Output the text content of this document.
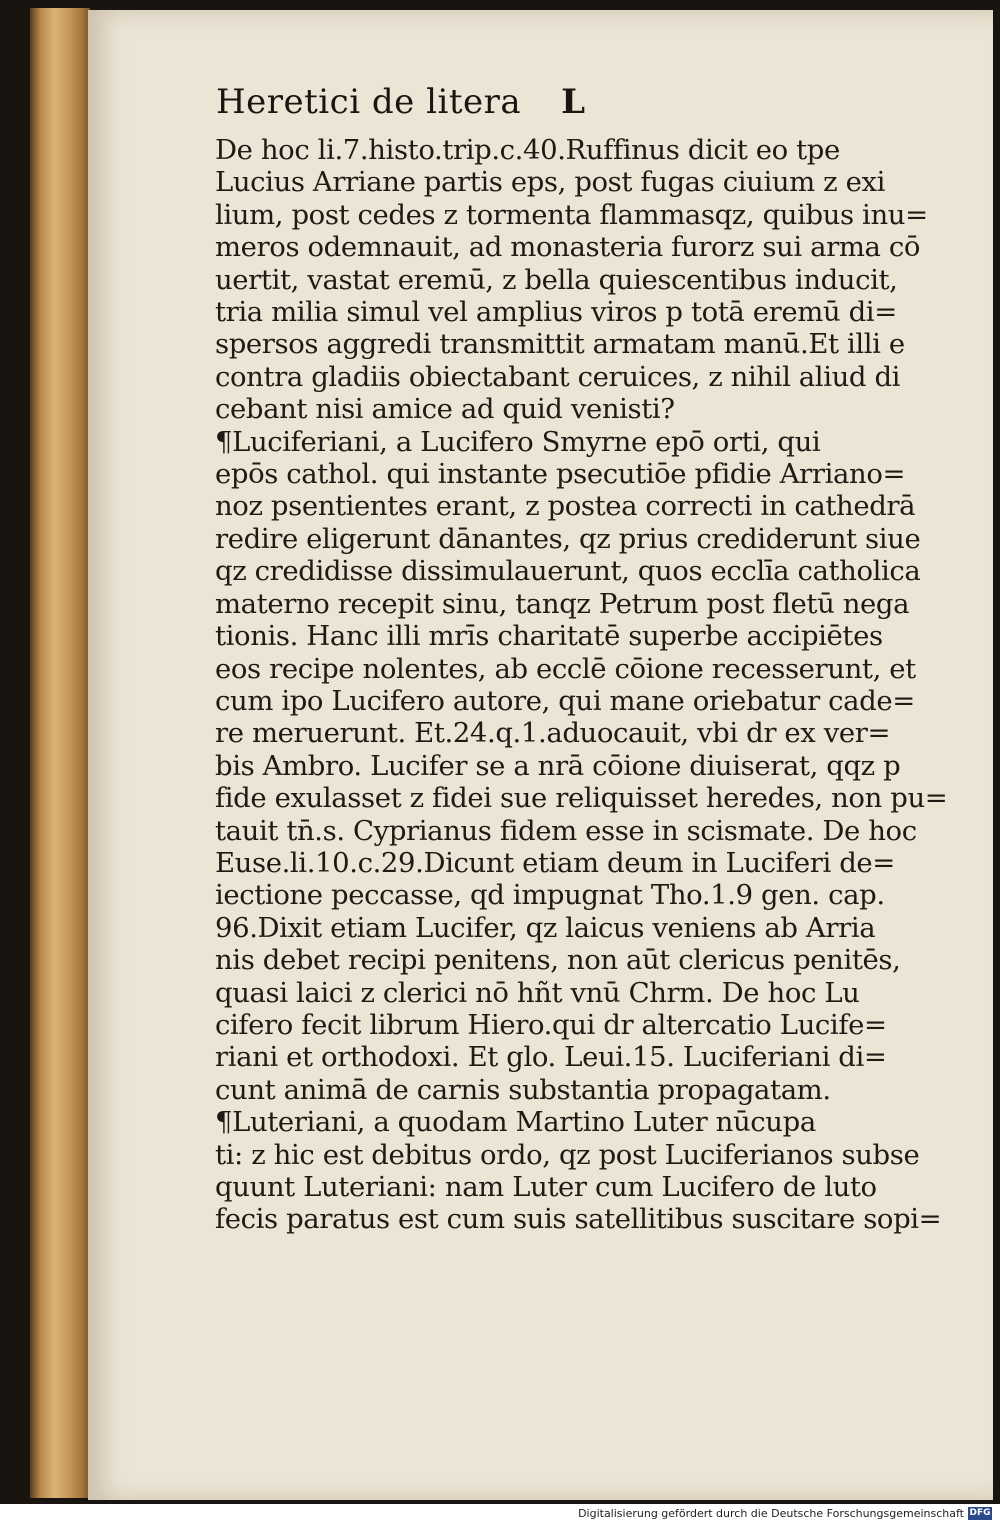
Heretici de litera L
De hoc li.7.histo.trip.c.40.Ruffinus dicit eo tpe
Lucius Arriane partis eps, post fugas ciuium z exi
lium, post cedes z tormenta flammasqz, quibus inu=
meros odemnauit, ad monasteria furorz sui arma cō
uertit, vastat eremū, z bella quiescentibus inducit,
tria milia simul vel amplius viros p totā eremū di=
spersos aggredi transmittit armatam manū.Et illi e
contra gladiis obiectabant ceruices, z nihil aliud di
cebant nisi amice ad quid venisti?
¶Luciferiani, a Lucifero Smyrne epō orti, qui
epōs cathol. qui instante psecutiōe pfidie Arriano=
noz psentientes erant, z postea correcti in cathedrā
redire eligerunt dānantes, qz prius crediderunt siue
qz credidisse dissimulauerunt, quos ecclīa catholica
materno recepit sinu, tanqz Petrum post fletū nega
tionis. Hanc illi mrīs charitatē superbe accipiētes
eos recipe nolentes, ab ecclē cōione recesserunt, et
cum ipo Lucifero autore, qui mane oriebatur cade=
re meruerunt. Et.24.q.1.aduocauit, vbi dr ex ver=
bis Ambro. Lucifer se a nrā cōione diuiserat, qqz p
fide exulasset z fidei sue reliquisset heredes, non pu=
tauit tn̄.s. Cyprianus fidem esse in scismate. De hoc
Euse.li.10.c.29.Dicunt etiam deum in Luciferi de=
iectione peccasse, qd impugnat Tho.1.9 gen. cap.
96.Dixit etiam Lucifer, qz laicus veniens ab Arria
nis debet recipi penitens, non aūt clericus penitēs,
quasi laici z clerici nō hñt vnū Chrm. De hoc Lu
cifero fecit librum Hiero.qui dr altercatio Lucife=
riani et orthodoxi. Et glo. Leui.15. Luciferiani di=
cunt animā de carnis substantia propagatam.
¶Luteriani, a quodam Martino Luter nūcupa
ti: z hic est debitus ordo, qz post Luciferianos subse
quunt Luteriani: nam Luter cum Lucifero de luto
fecis paratus est cum suis satellitibus suscitare sopi=
Digitalisierung gefördert durch die Deutsche Forschungsgemeinschaft DFG
